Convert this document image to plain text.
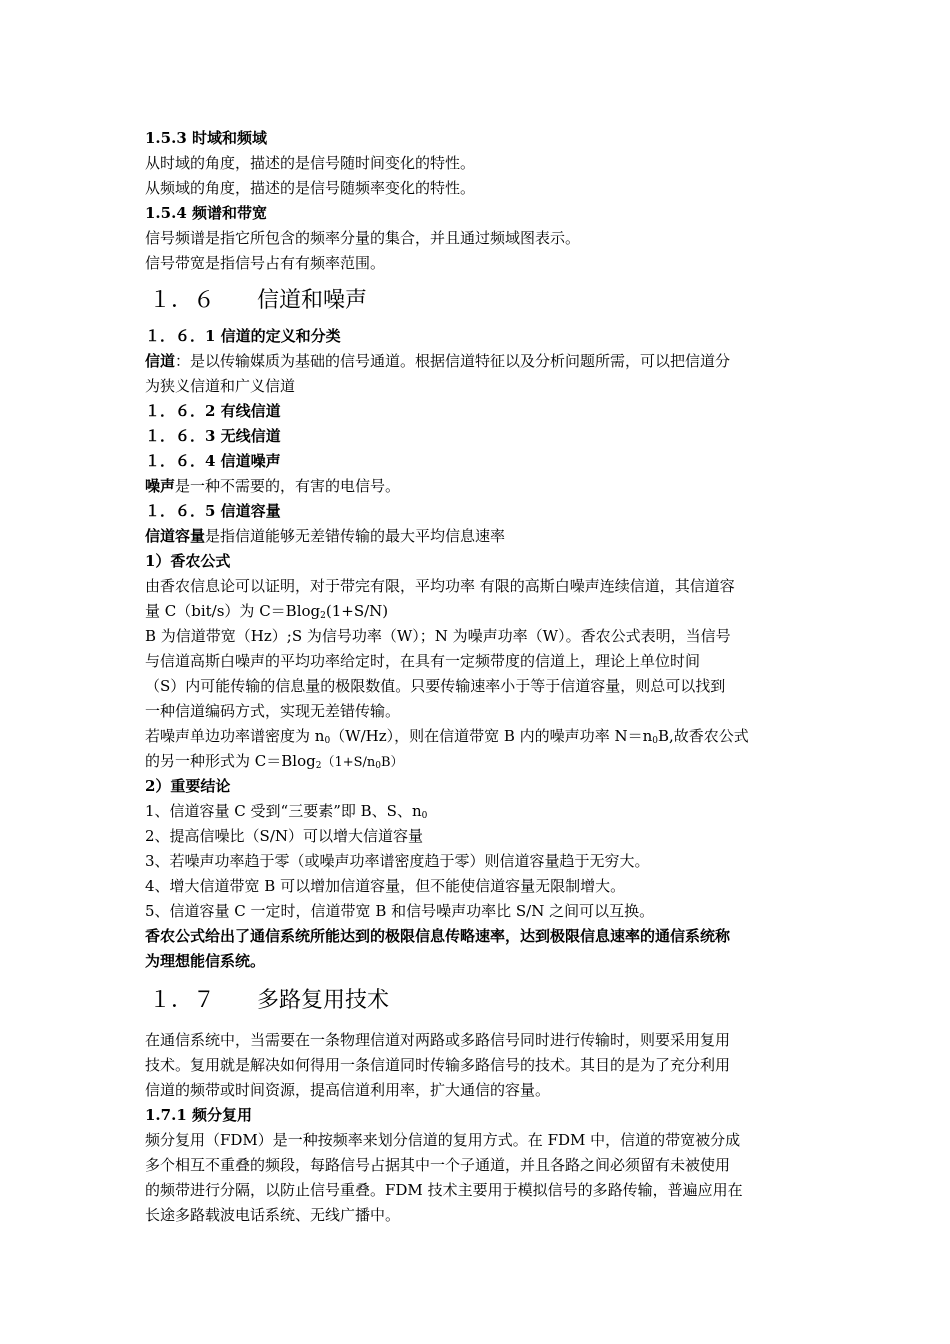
1.5.3 时域和频域
从时域的角度，描述的是信号随时间变化的特性。
从频域的角度，描述的是信号随频率变化的特性。
1.5.4 频谱和带宽
信号频谱是指它所包含的频率分量的集合，并且通过频域图表示。
信号带宽是指信号占有有频率范围。
１．６ 信道和噪声
１．６．1 信道的定义和分类
信道：是以传输媒质为基础的信号通道。根据信道特征以及分析问题所需，可以把信道分
为狭义信道和广义信道
１．６．2 有线信道
１．６．3 无线信道
１．６．4 信道噪声
噪声是一种不需要的，有害的电信号。
１．６．5 信道容量
信道容量是指信道能够无差错传输的最大平均信息速率
1）香农公式
由香农信息论可以证明，对于带完有限，平均功率 有限的高斯白噪声连续信道，其信道容
量 C（bit/s）为 C＝Blog$_2$(1+S/N)
B 为信道带宽（Hz）;S 为信号功率（W）；N 为噪声功率（W）。香农公式表明，当信号
与信道高斯白噪声的平均功率给定时，在具有一定频带度的信道上，理论上单位时间
（S）内可能传输的信息量的极限数值。只要传输速率小于等于信道容量，则总可以找到
一种信道编码方式，实现无差错传输。
若噪声单边功率谱密度为 $n_0(W/Hz)$，则在信道带宽 B 内的噪声功率 $N=n_0B$,故香农公式
的另一种形式为 $C=Blog_2(1+S/n_0B)$
2）重要结论
1、信道容量 C 受到“三要素”即 B、S、$n_0$
2、提高信噪比（S/N）可以增大信道容量
3、若噪声功率趋于零（或噪声功率谱密度趋于零）则信道容量趋于无穷大。
4、增大信道带宽 B 可以增加信道容量，但不能使信道容量无限制增大。
5、信道容量 C 一定时，信道带宽 B 和信号噪声功率比 S/N 之间可以互换。
香农公式给出了通信系统所能达到的极限信息传略速率，达到极限信息速率的通信系统称
为理想能信系统。
１．７ 多路复用技术
在通信系统中，当需要在一条物理信道对两路或多路信号同时进行传输时，则要采用复用
技术。复用就是解决如何得用一条信道同时传输多路信号的技术。其目的是为了充分利用
信道的频带或时间资源，提高信道利用率，扩大通信的容量。
1.7.1 频分复用
频分复用（FDM）是一种按频率来划分信道的复用方式。在 FDM 中，信道的带宽被分成
多个相互不重叠的频段，每路信号占据其中一个子通道，并且各路之间必须留有未被使用
的频带进行分隔，以防止信号重叠。FDM 技术主要用于模拟信号的多路传输，普遍应用在
长途多路载波电话系统、无线广播中。
